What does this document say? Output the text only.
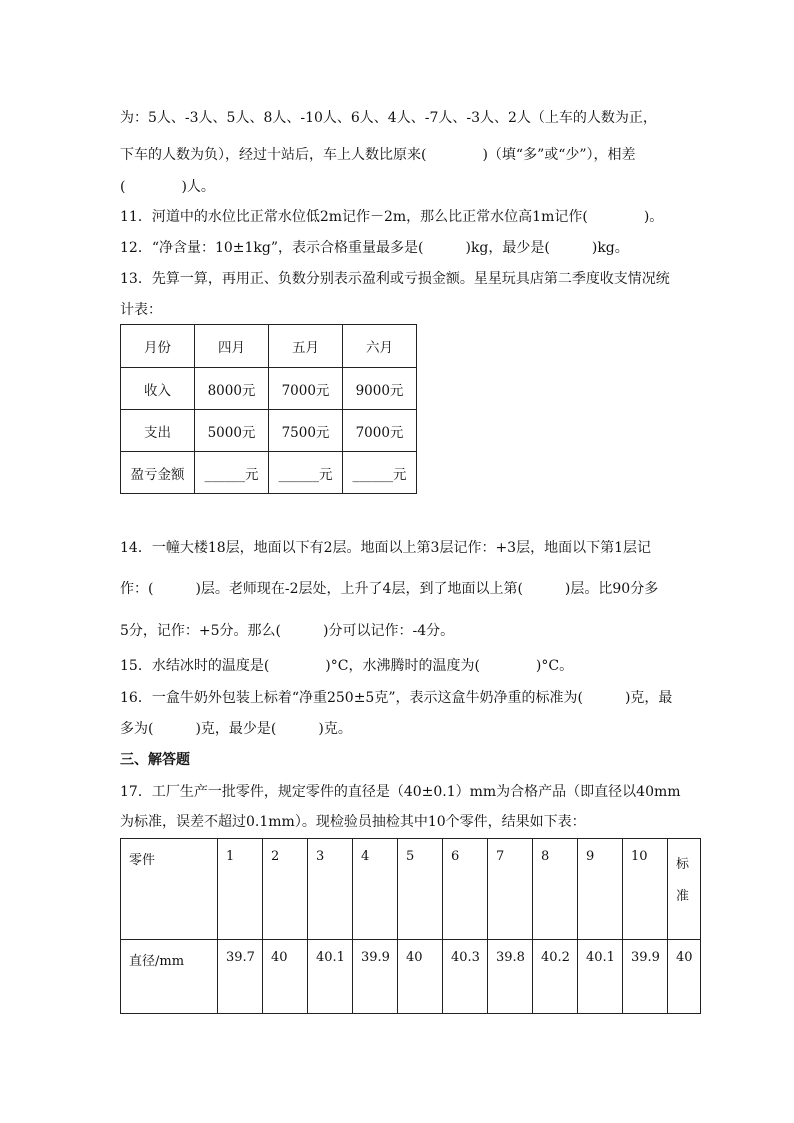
为：5人、-3人、5人、8人、-10人、6人、4人、-7人、-3人、2人（上车的人数为正，
下车的人数为负），经过十站后，车上人数比原来(　　　　)（填“多”或“少”），相差
(　　　　)人。
11．河道中的水位比正常水位低2m记作－2m，那么比正常水位高1m记作(　　　　)。
12．“净含量：10±1kg”，表示合格重量最多是(　　　)kg，最少是(　　　)kg。
13．先算一算，再用正、负数分别表示盈利或亏损金额。星星玩具店第二季度收支情况统
计表：
月份	四月	五月	六月
收入	8000元	7000元	9000元
支出	5000元	7500元	7000元
盈亏金额	______元	______元	______元
14．一幢大楼18层，地面以下有2层。地面以上第3层记作：+3层，地面以下第1层记
作：(　　　)层。老师现在-2层处，上升了4层，到了地面以上第(　　　)层。比90分多
5分，记作：+5分。那么(　　　)分可以记作：-4分。
15．水结冰时的温度是(　　　　)°C，水沸腾时的温度为(　　　　)°C。
16．一盒牛奶外包装上标着“净重250±5克”，表示这盒牛奶净重的标准为(　　　)克，最
多为(　　　)克，最少是(　　　)克。
三、解答题
17．工厂生产一批零件，规定零件的直径是（40±0.1）mm为合格产品（即直径以40mm
为标准，误差不超过0.1mm）。现检验员抽检其中10个零件，结果如下表：
零件	1	2	3	4	5	6	7	8	9	10	标准
直径/mm	39.7	40	40.1	39.9	40	40.3	39.8	40.2	40.1	39.9	40
